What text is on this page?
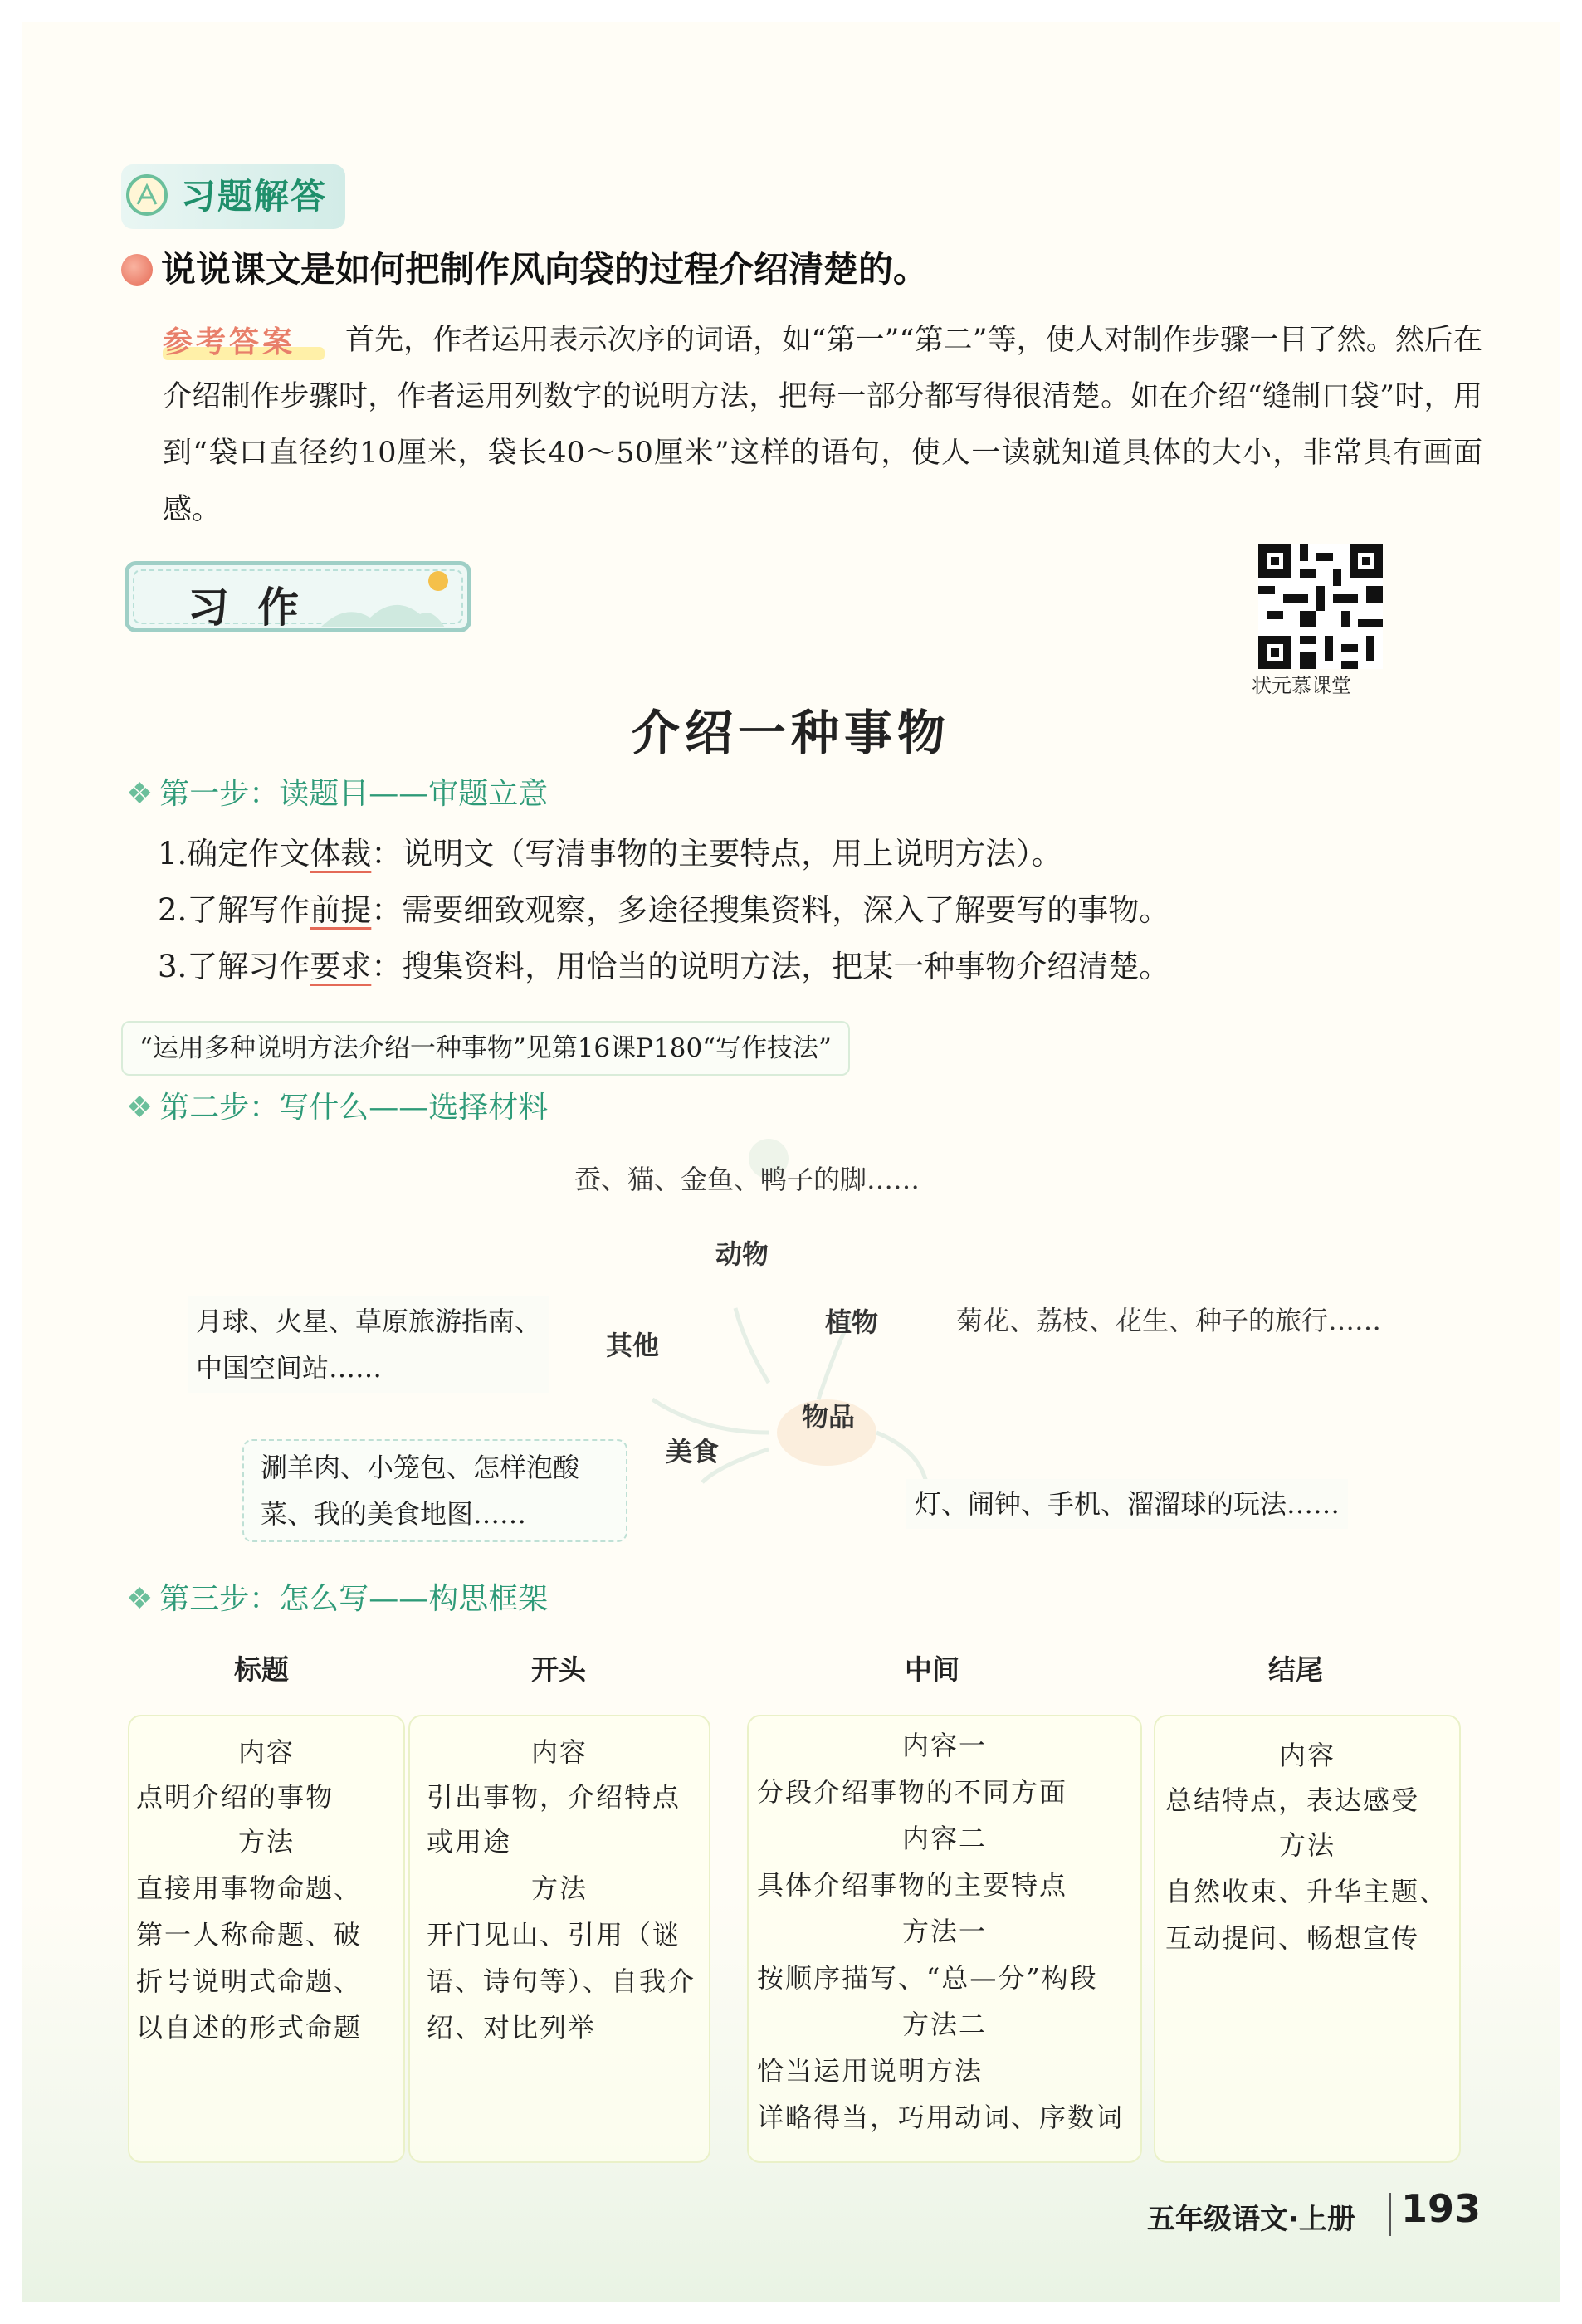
习题解答
说说课文是如何把制作风向袋的过程介绍清楚的。
首先，作者运用表示次序的词语，如“第一”“第二”等，使人对制作步骤一目了然。然后在介绍制作步骤时，作者运用列数字的说明方法，把每一部分都写得很清楚。如在介绍“缝制口袋”时，用到“袋口直径约10厘米，袋长40～50厘米”这样的语句，使人一读就知道具体的大小，非常具有画面感。
参考答案
习作
状元慕课堂
介绍一种事物
❖ 第一步：读题目——审题立意
1.确定作文体裁：说明文（写清事物的主要特点，用上说明方法）。
2.了解写作前提：需要细致观察，多途径搜集资料，深入了解要写的事物。
3.了解习作要求：搜集资料，用恰当的说明方法，把某一种事物介绍清楚。
“运用多种说明方法介绍一种事物”见第16课P180“写作技法”
❖ 第二步：写什么——选择材料
蚕、猫、金鱼、鸭子的脚……
动物
植物	菊花、荔枝、花生、种子的旅行……
其他
月球、火星、草原旅游指南、
中国空间站……
物品
美食
涮羊肉、小笼包、怎样泡酸
菜、我的美食地图……	灯、闹钟、手机、溜溜球的玩法……
❖ 第三步：怎么写——构思框架
标题
内容
点明介绍的事物
方法
直接用事物命题、
第一人称命题、破
折号说明式命题、
以自述的形式命题
开头
内容
引出事物，介绍特点
或用途
方法
开门见山、引用（谜
语、诗句等）、自我介
绍、对比列举
中间
内容一
分段介绍事物的不同方面
内容二
具体介绍事物的主要特点
方法一
按顺序描写、“总—分”构段
方法二
恰当运用说明方法
详略得当，巧用动词、序数词
结尾
内容
总结特点，表达感受
方法
自然收束、升华主题、
互动提问、畅想宣传
五年级语文·上册 193
